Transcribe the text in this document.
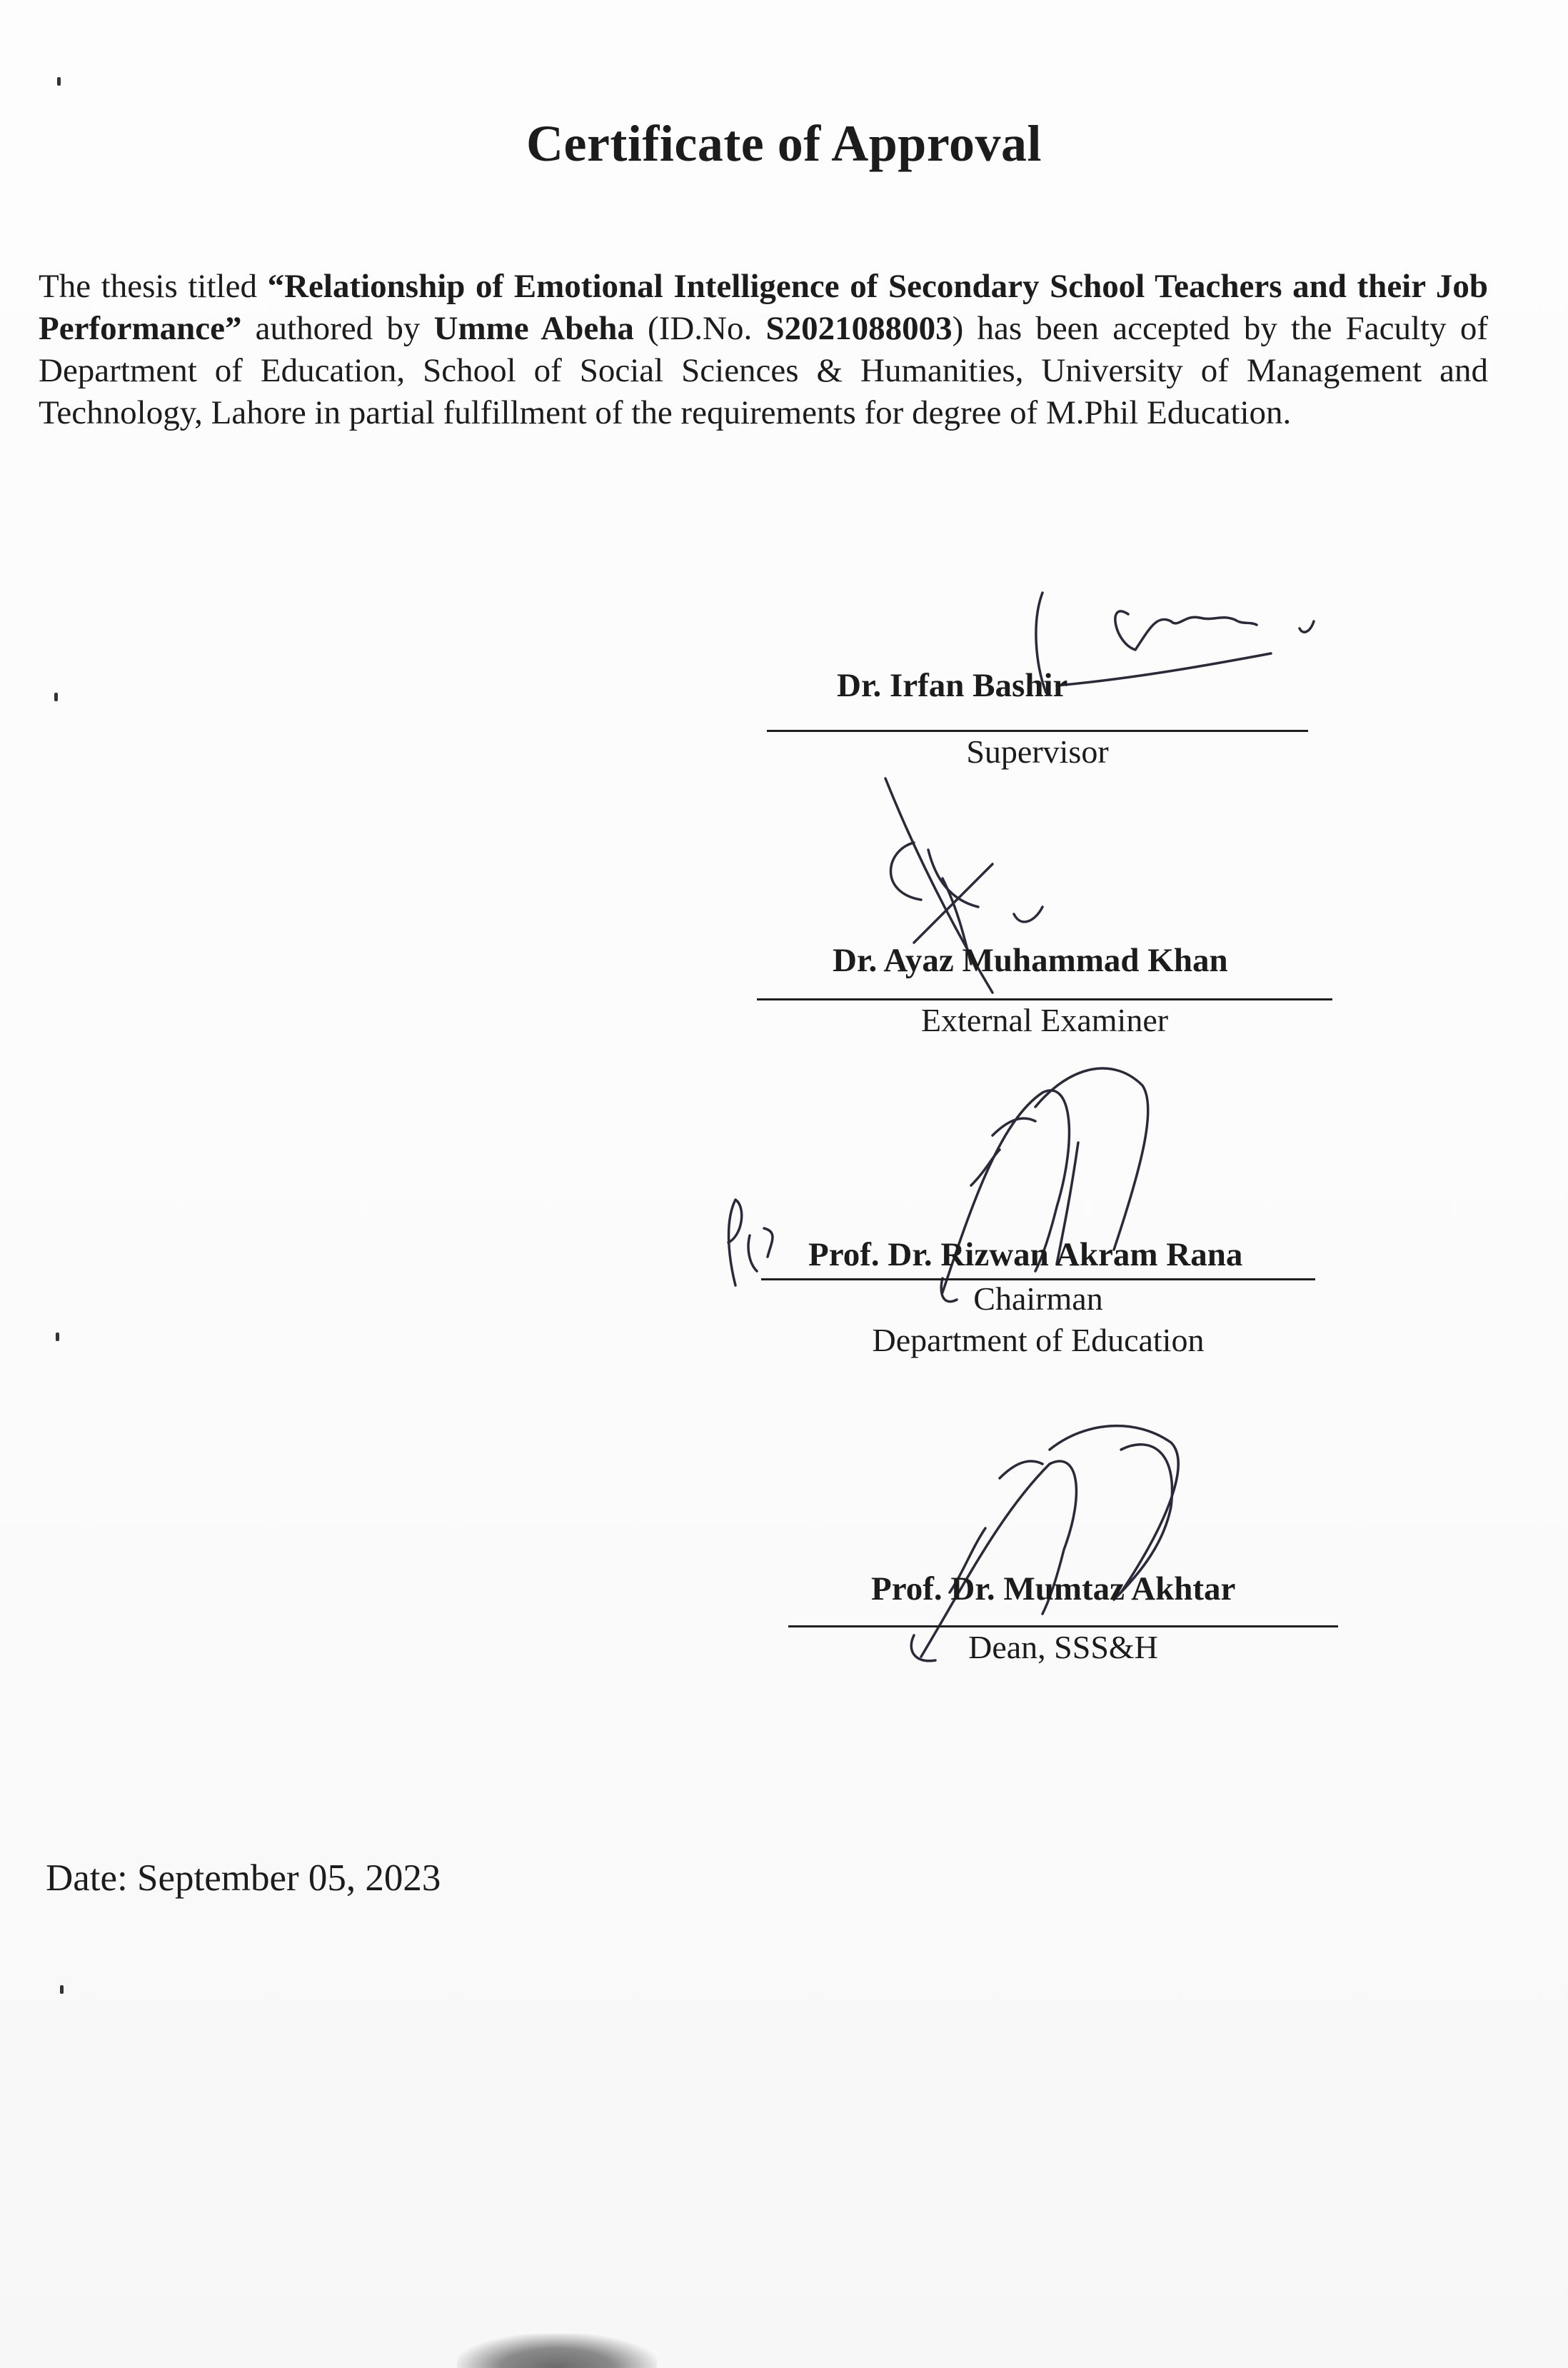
Certificate of Approval
The thesis titled “Relationship of Emotional Intelligence of Secondary School Teachers and their Job Performance” authored by Umme Abeha (ID.No. S2021088003) has been accepted by the Faculty of Department of Education, School of Social Sciences & Humanities, University of Management and Technology, Lahore in partial fulfillment of the requirements for degree of M.Phil Education.
Dr. Irfan Bashir
Supervisor
Dr. Ayaz Muhammad Khan
External Examiner
Prof. Dr. Rizwan Akram Rana
Chairman
Department of Education
Prof. Dr. Mumtaz Akhtar
Dean, SSS&H
Date: September 05, 2023
